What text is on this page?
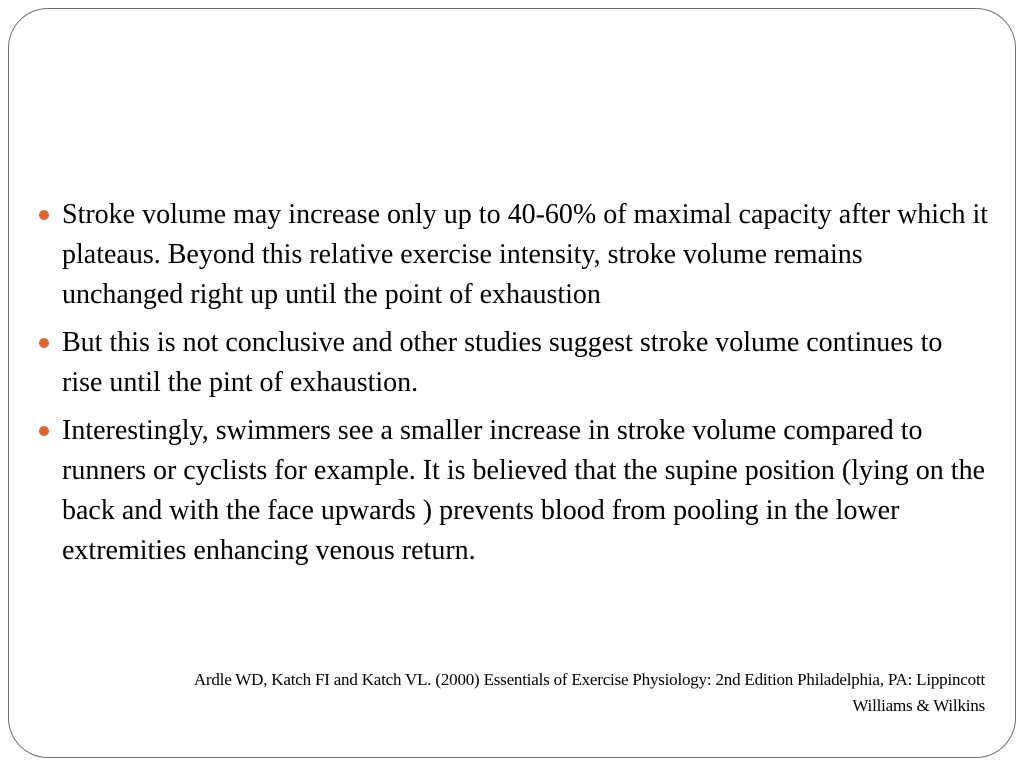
Stroke volume may increase only up to 40-60% of maximal capacity after which it plateaus. Beyond this relative exercise intensity, stroke volume remains unchanged right up until the point of exhaustion
But this is not conclusive and other studies suggest stroke volume continues to rise until the pint of exhaustion.
Interestingly, swimmers see a smaller increase in stroke volume compared to runners or cyclists for example. It is believed that the supine position (lying on the back and with the face upwards ) prevents blood from pooling in the lower extremities enhancing venous return.
Ardle WD, Katch FI and Katch VL. (2000) Essentials of Exercise Physiology: 2nd Edition Philadelphia, PA: Lippincott
Williams & Wilkins
